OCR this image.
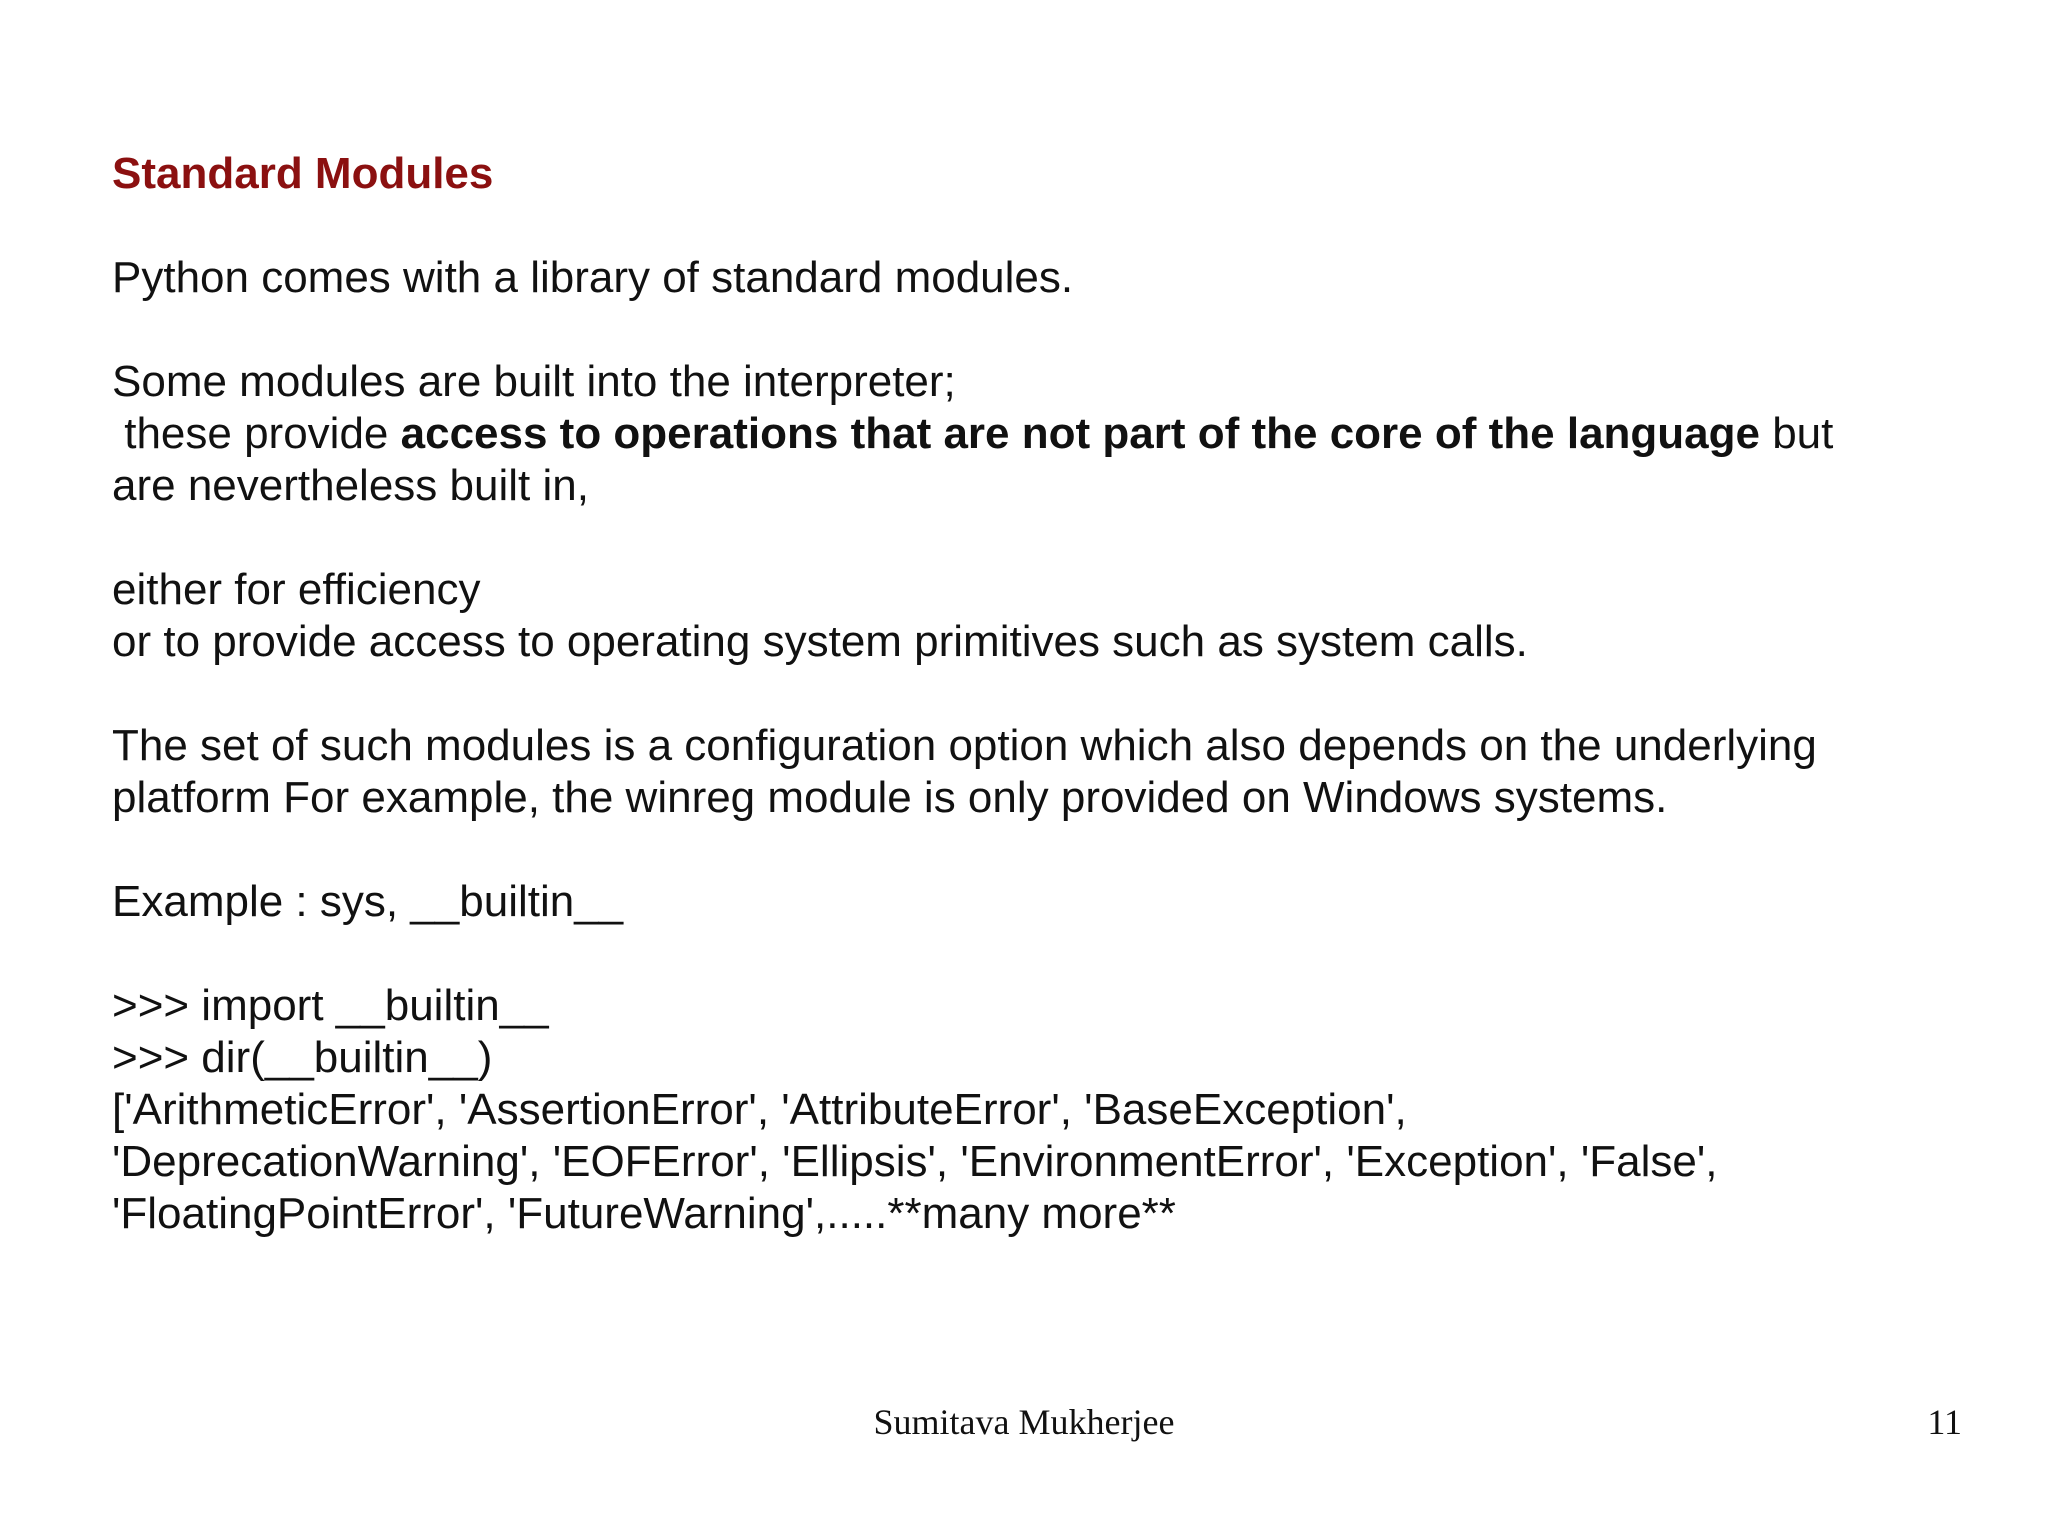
Standard Modules
Python comes with a library of standard modules.
Some modules are built into the interpreter;
these provide access to operations that are not part of the core of the language but
are nevertheless built in,
either for efficiency
or to provide access to operating system primitives such as system calls.
The set of such modules is a configuration option which also depends on the underlying
platform For example, the winreg module is only provided on Windows systems.
Example : sys, __builtin__
>>> import __builtin__
>>> dir(__builtin__)
['ArithmeticError', 'AssertionError', 'AttributeError', 'BaseException',
'DeprecationWarning', 'EOFError', 'Ellipsis', 'EnvironmentError', 'Exception', 'False',
'FloatingPointError', 'FutureWarning',.....**many more**
Sumitava Mukherjee	11
